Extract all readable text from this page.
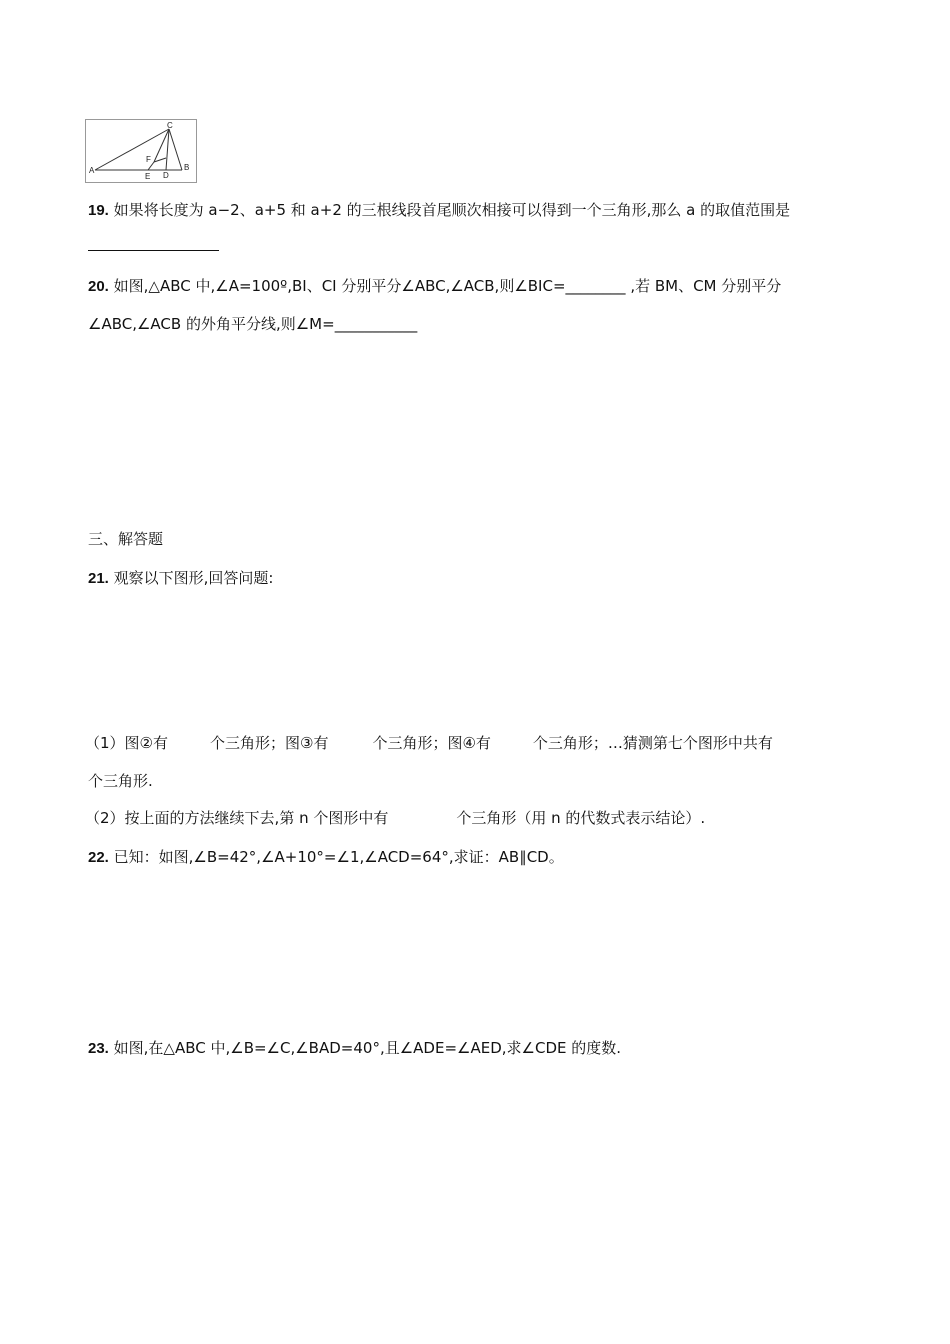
C
F
A
E D
B
19. 如果将长度为 a−2、a+5 和 a+2 的三根线段首尾顺次相接可以得到一个三角形,那么 a 的取值范围是
20. 如图,△ABC 中,∠A=100º,BI、CI 分别平分∠ABC,∠ACB,则∠BIC=________ ,若 BM、CM 分别平分
∠ABC,∠ACB 的外角平分线,则∠M=___________
三、解答题
21. 观察以下图形,回答问题:
（1）图②有	个三角形；图③有	个三角形；图④有	个三角形；…猜测第七个图形中共有
个三角形.
（2）按上面的方法继续下去,第 n 个图形中有	个三角形（用 n 的代数式表示结论）.
22. 已知：如图,∠B=42°,∠A+10°=∠1,∠ACD=64°,求证：AB∥CD。
23. 如图,在△ABC 中,∠B=∠C,∠BAD=40°,且∠ADE=∠AED,求∠CDE 的度数.
